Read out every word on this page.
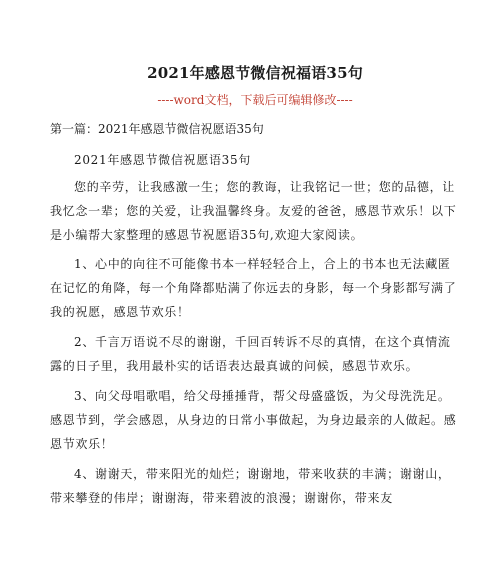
2021年感恩节微信祝福语35句
----word文档，下载后可编辑修改----
第一篇：2021年感恩节微信祝愿语35句

2021年感恩节微信祝愿语35句

您的辛劳，让我感激一生；您的教诲，让我铭记一世；您的品德，让我忆念一辈；您的关爱，让我温馨终身。友爱的爸爸，感恩节欢乐！以下是小编帮大家整理的感恩节祝愿语35句,欢迎大家阅读。

1、心中的向往不可能像书本一样轻轻合上，合上的书本也无法藏匿在记忆的角降，每一个角降都贴满了你远去的身影，每一个身影都写满了我的祝愿，感恩节欢乐！

2、千言万语说不尽的谢谢，千回百转诉不尽的真情，在这个真情流露的日子里，我用最朴实的话语表达最真诚的问候，感恩节欢乐。

3、向父母唱歌唱，给父母捶捶背，帮父母盛盛饭，为父母洗洗足。感恩节到，学会感恩，从身边的日常小事做起，为身边最亲的人做起。感恩节欢乐！

4、谢谢天，带来阳光的灿烂；谢谢地，带来收获的丰满；谢谢山，带来攀登的伟岸；谢谢海，带来碧波的浪漫；谢谢你，带来友
